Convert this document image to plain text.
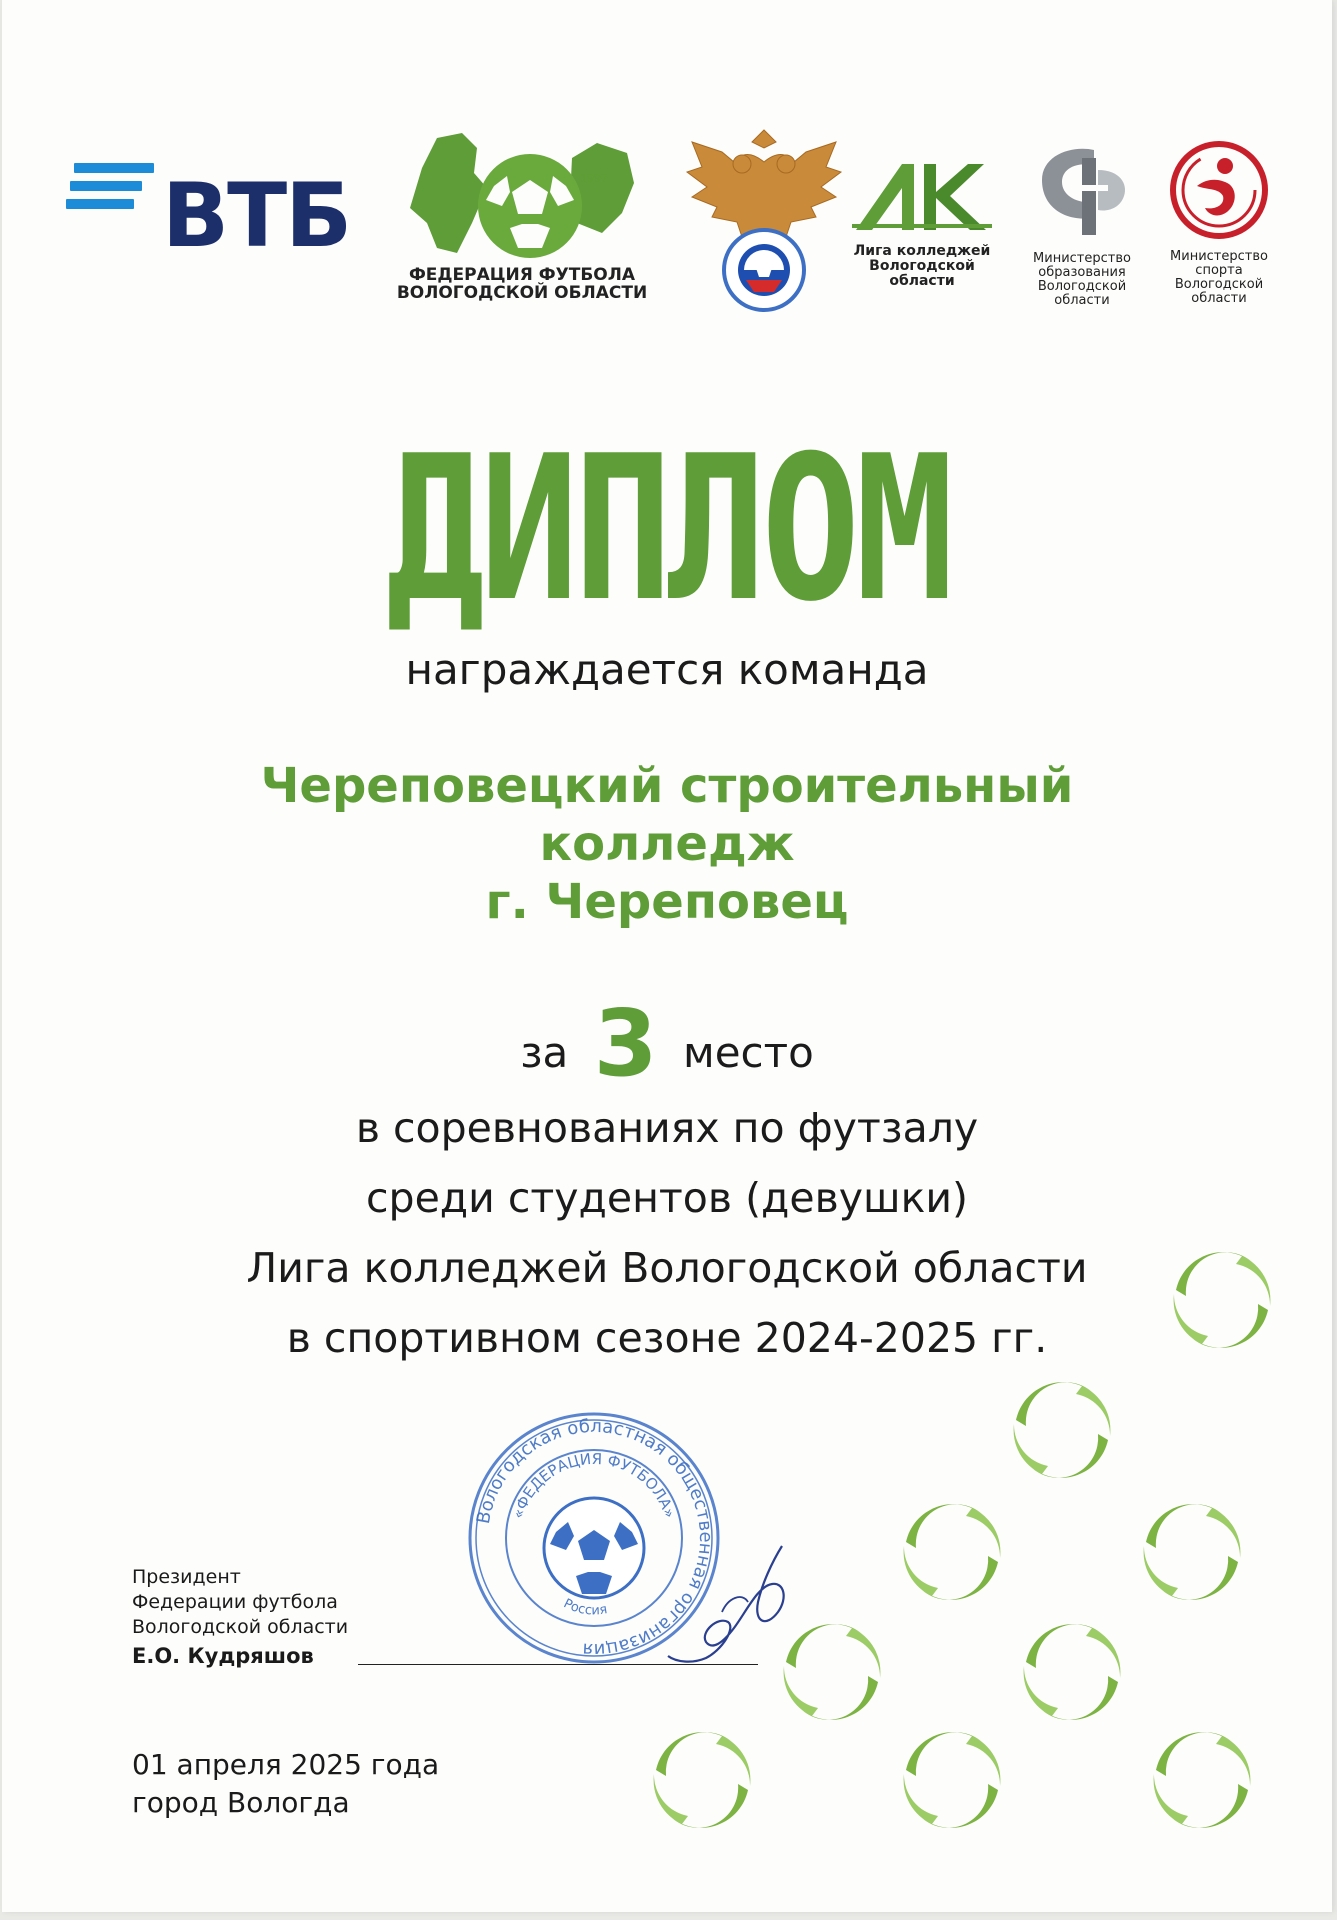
ВТБ	1997
ФЕДЕРАЦИЯ ФУТБОЛА
ВОЛОГОДСКОЙ ОБЛАСТИ
Лига колледжей
Вологодской
области
Министерство
образования
Вологодской
области
Министерство
спорта
Вологодской
области
ДИПЛОМ
награждается команда
Череповецкий строительный
колледж
г. Череповец
за 3 место
в соревнованиях по футзалу
среди студентов (девушки)
Лига колледжей Вологодской области
в спортивном сезоне 2024-2025 гг.
Вологодская областная общественная организация
«ФЕДЕРАЦИЯ ФУТБОЛА»
Россия
Президент
Федерации футбола
Вологодской области
Е.О. Кудряшов
01 апреля 2025 года
город Вологда
